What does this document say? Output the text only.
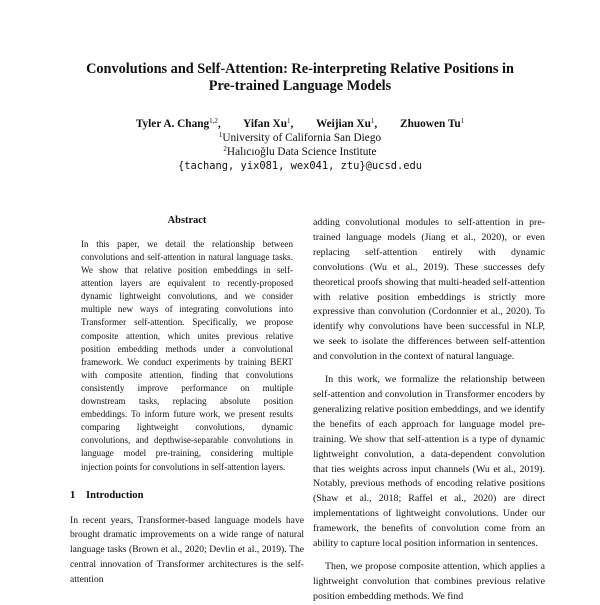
Convolutions and Self-Attention: Re-interpreting Relative Positions in
Pre-trained Language Models
Tyler A. Chang$^{1,2}$, Yifan Xu$^1$, Weijian Xu$^1$, Zhuowen Tu$^1$
$^1$University of California San Diego
$^2$Halıcıoğlu Data Science Institute
{tachang, yix081, wex041, ztu}@ucsd.edu
Abstract

In this paper, we detail the relationship between convolutions and self-attention in natural language tasks. We show that relative position embeddings in self-attention layers are equivalent to recently-proposed dynamic lightweight convolutions, and we consider multiple new ways of integrating convolutions into Transformer self-attention. Specifically, we propose composite attention, which unites previous relative position embedding methods under a convolutional framework. We conduct experiments by training BERT with composite attention, finding that convolutions consistently improve performance on multiple downstream tasks, replacing absolute position embeddings. To inform future work, we present results comparing lightweight convolutions, dynamic convolutions, and depthwise-separable convolutions in language model pre-training, considering multiple injection points for convolutions in self-attention layers.

1 Introduction

In recent years, Transformer-based language models have brought dramatic improvements on a wide range of natural language tasks (Brown et al., 2020; Devlin et al., 2019). The central innovation of Transformer architectures is the self-attention

adding convolutional modules to self-attention in pre-trained language models (Jiang et al., 2020), or even replacing self-attention entirely with dynamic convolutions (Wu et al., 2019). These successes defy theoretical proofs showing that multi-headed self-attention with relative position embeddings is strictly more expressive than convolution (Cordonnier et al., 2020). To identify why convolutions have been successful in NLP, we seek to isolate the differences between self-attention and convolution in the context of natural language.

In this work, we formalize the relationship between self-attention and convolution in Transformer encoders by generalizing relative position embeddings, and we identify the benefits of each approach for language model pre-training. We show that self-attention is a type of dynamic lightweight convolution, a data-dependent convolution that ties weights across input channels (Wu et al., 2019). Notably, previous methods of encoding relative positions (Shaw et al., 2018; Raffel et al., 2020) are direct implementations of lightweight convolutions. Under our framework, the benefits of convolution come from an ability to capture local position information in sentences.

Then, we propose composite attention, which applies a lightweight convolution that combines previous relative position embedding methods. We find
